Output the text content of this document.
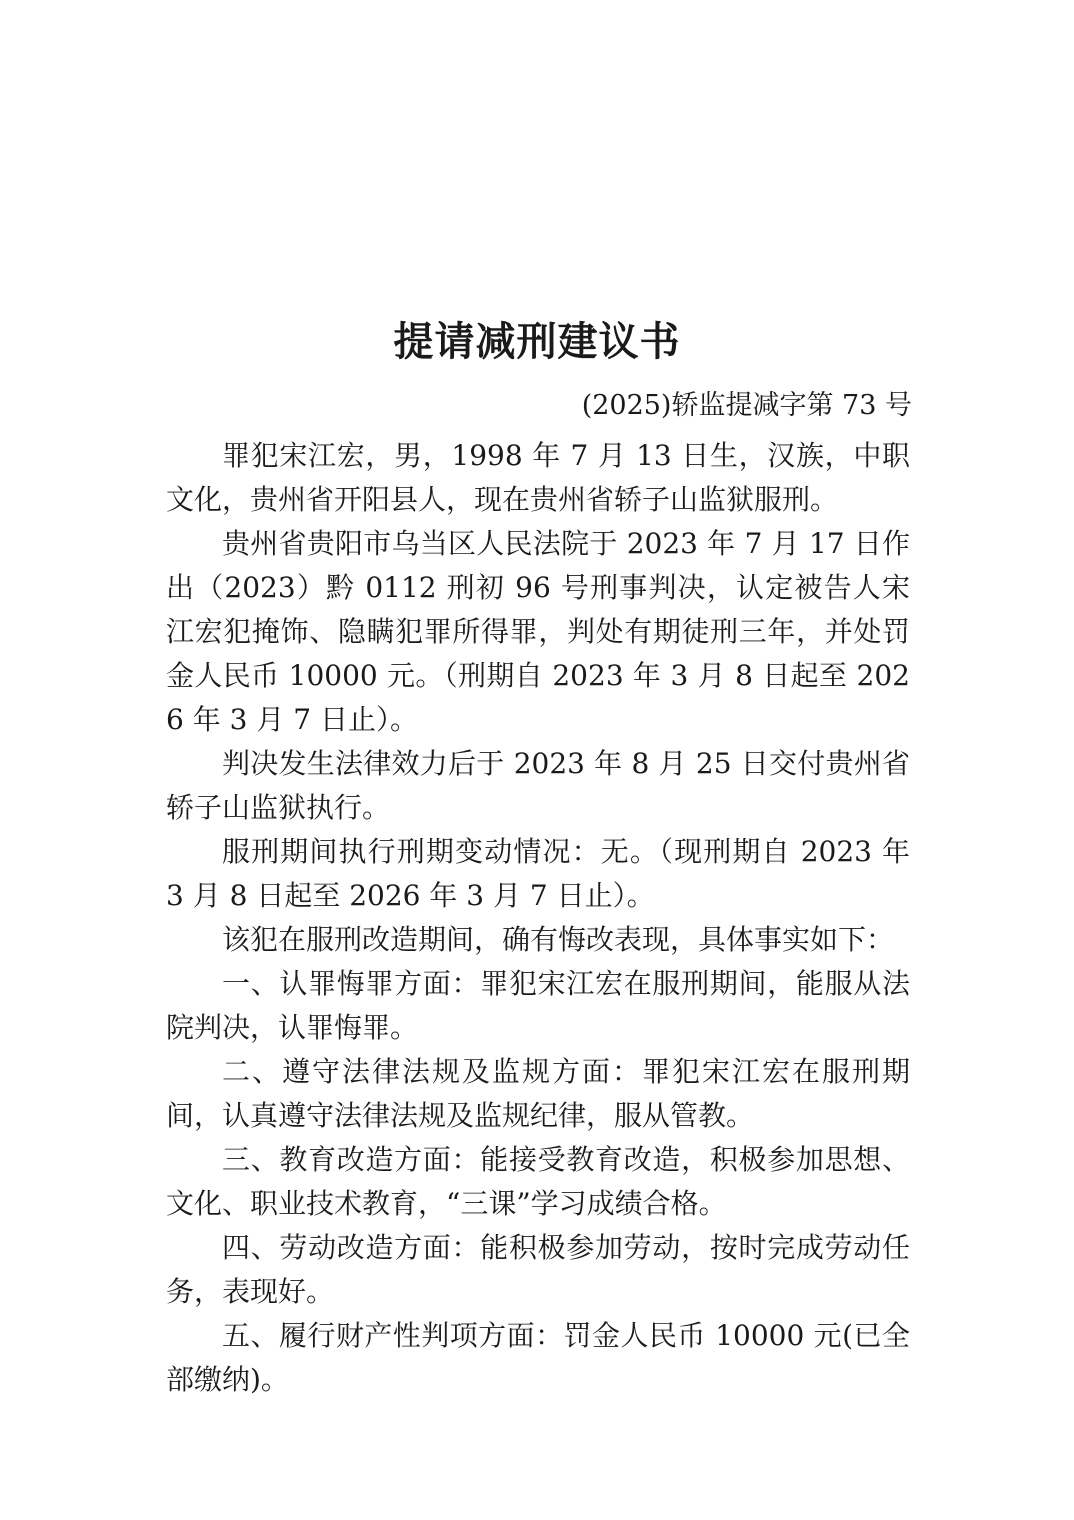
提请减刑建议书
(2025)轿监提减字第 73 号

罪犯宋江宏，男，1998 年 7 月 13 日生，汉族，中职文化，贵州省开阳县人，现在贵州省轿子山监狱服刑。

贵州省贵阳市乌当区人民法院于 2023 年 7 月 17 日作出（2023）黔 0112 刑初 96 号刑事判决，认定被告人宋江宏犯掩饰、隐瞒犯罪所得罪，判处有期徒刑三年，并处罚金人民币 10000 元。（刑期自 2023 年 3 月 8 日起至 2026 年 3 月 7 日止）。

判决发生法律效力后于 2023 年 8 月 25 日交付贵州省轿子山监狱执行。

服刑期间执行刑期变动情况：无。（现刑期自 2023 年 3 月 8 日起至 2026 年 3 月 7 日止）。

该犯在服刑改造期间，确有悔改表现，具体事实如下：

一、认罪悔罪方面：罪犯宋江宏在服刑期间，能服从法院判决，认罪悔罪。

二、遵守法律法规及监规方面：罪犯宋江宏在服刑期间，认真遵守法律法规及监规纪律，服从管教。

三、教育改造方面：能接受教育改造，积极参加思想、文化、职业技术教育，“三课”学习成绩合格。

四、劳动改造方面：能积极参加劳动，按时完成劳动任务，表现好。

五、履行财产性判项方面：罚金人民币 10000 元(已全部缴纳)。
